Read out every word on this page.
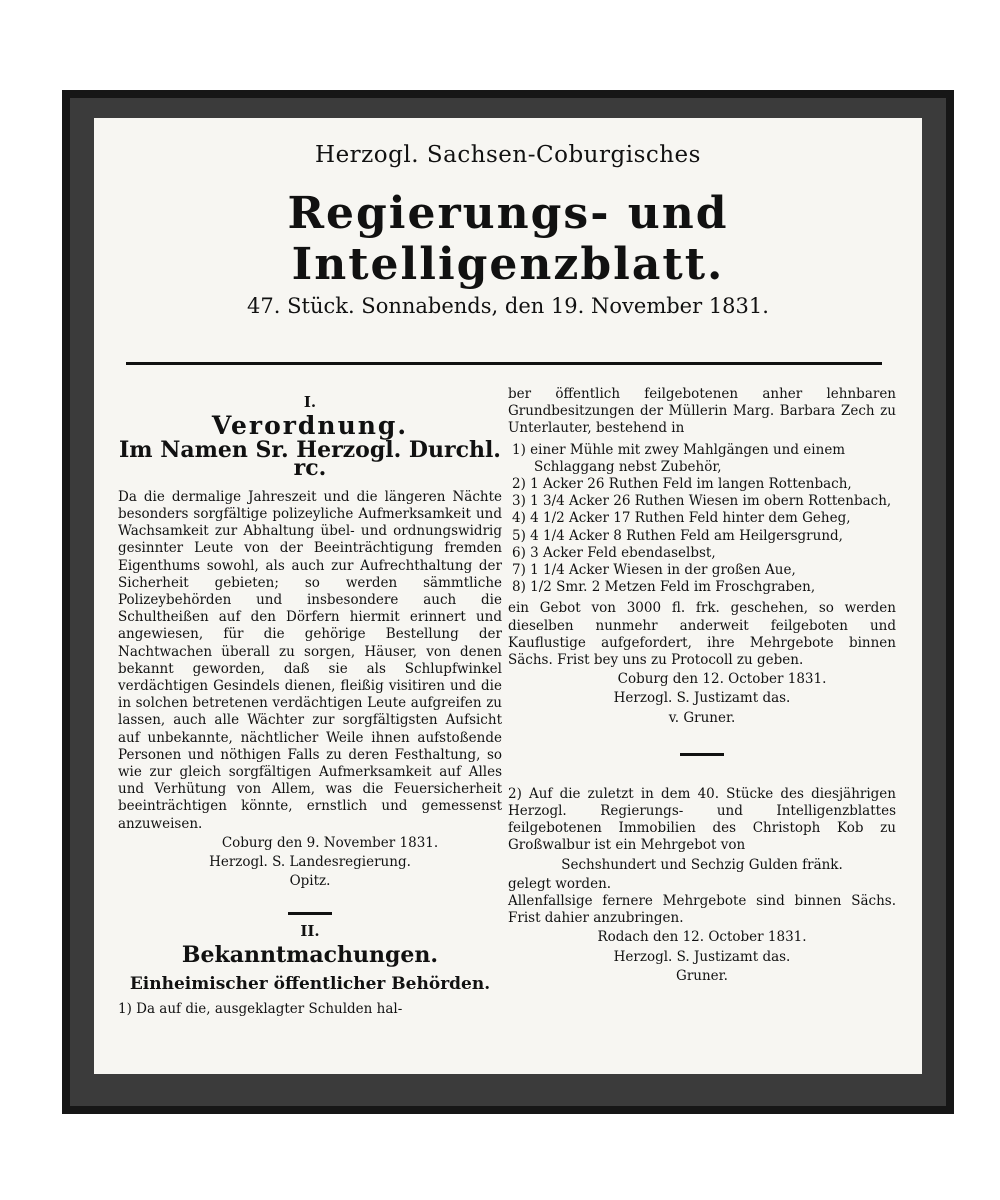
Herzogl. Sachsen-Coburgisches
Regierungs- und Intelligenzblatt.
47. Stück. Sonnabends, den 19. November 1831.
I.
Verordnung.
Im Namen Sr. Herzogl. Durchl. rc.

Da die dermalige Jahreszeit und die längeren Nächte besonders sorgfältige polizeyliche Aufmerksamkeit und Wachsamkeit zur Abhaltung übel- und ordnungswidrig gesinnter Leute von der Beeinträchtigung fremden Eigenthums sowohl, als auch zur Aufrechthaltung der Sicherheit gebieten; so werden sämmtliche Polizeybehörden und insbesondere auch die Schultheißen auf den Dörfern hiermit erinnert und angewiesen, für die gehörige Bestellung der Nachtwachen überall zu sorgen, Häuser, von denen bekannt geworden, daß sie als Schlupfwinkel verdächtigen Gesindels dienen, fleißig visitiren und die in solchen betretenen verdächtigen Leute aufgreifen zu lassen, auch alle Wächter zur sorgfältigsten Aufsicht auf unbekannte, nächtlicher Weile ihnen aufstoßende Personen und nöthigen Falls zu deren Festhaltung, so wie zur gleich sorgfältigen Aufmerksamkeit auf Alles und Verhütung von Allem, was die Feuersicherheit beeinträchtigen könnte, ernstlich und gemessenst anzuweisen.

Coburg den 9. November 1831.
Herzogl. S. Landesregierung.
Opitz.
II.
Bekanntmachungen.
Einheimischer öffentlicher Behörden.

1) Da auf die, ausgeklagter Schulden hal-

ber öffentlich feilgebotenen anher lehnbaren Grundbesitzungen der Müllerin Marg. Barbara Zech zu Unterlauter, bestehend in

1) einer Mühle mit zwey Mahlgängen und einem Schlaggang nebst Zubehör,
2) 1 Acker 26 Ruthen Feld im langen Rottenbach,
3) 1 3/4 Acker 26 Ruthen Wiesen im obern Rottenbach,
4) 4 1/2 Acker 17 Ruthen Feld hinter dem Geheg,
5) 4 1/4 Acker 8 Ruthen Feld am Heilgersgrund,
6) 3 Acker Feld ebendaselbst,
7) 1 1/4 Acker Wiesen in der großen Aue,
8) 1/2 Smr. 2 Metzen Feld im Froschgraben,

ein Gebot von 3000 fl. frk. geschehen, so werden dieselben nunmehr anderweit feilgeboten und Kauflustige aufgefordert, ihre Mehrgebote binnen Sächs. Frist bey uns zu Protocoll zu geben.

Coburg den 12. October 1831.
Herzogl. S. Justizamt das.
v. Gruner.

2) Auf die zuletzt in dem 40. Stücke des diesjährigen Herzogl. Regierungs- und Intelligenzblattes feilgebotenen Immobilien des Christoph Kob zu Großwalbur ist ein Mehrgebot von

Sechshundert und Sechzig Gulden fränk.

gelegt worden.

Allenfallsige fernere Mehrgebote sind binnen Sächs. Frist dahier anzubringen.

Rodach den 12. October 1831.
Herzogl. S. Justizamt das.
Gruner.
